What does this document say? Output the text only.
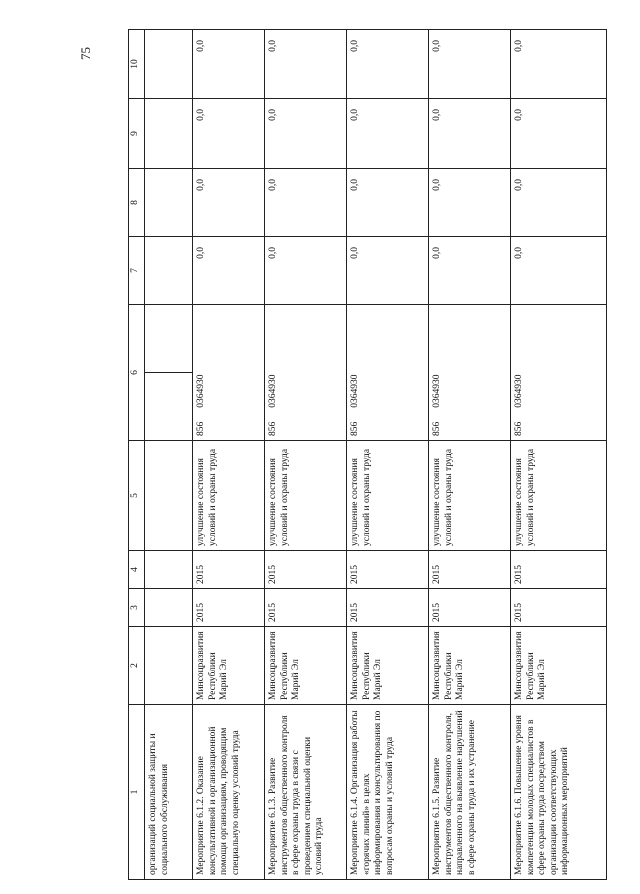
75
1	2	3	4	5	6		7	8	9	10
организаций социальной защиты и социального обслуживания										
Мероприятие 6.1.2. Оказание консультативной и организационной помощи организациям, проводящим специальную оценку условий труда	Минсоцразвития Республики Марий Эл	2015	2015	улучшение состояния условий и охраны труда	8560364930		0,0	0,0	0,0	0,0
Мероприятие 6.1.3. Развитие инструментов общественного контроля в сфере охраны труда в связи с проведением специальной оценки условий труда	Минсоцразвития Республики Марий Эл	2015	2015	улучшение состояния условий и охраны труда	8560364930		0,0	0,0	0,0	0,0
Мероприятие 6.1.4. Организация работы «горячих линий» в целях информирования и консультирования по вопросам охраны и условий труда	Минсоцразвития Республики Марий Эл	2015	2015	улучшение состояния условий и охраны труда	8560364930		0,0	0,0	0,0	0,0
Мероприятие 6.1.5. Развитие инструментов общественного контроля, направленного на выявление нарушений в сфере охраны труда и их устранение	Минсоцразвития Республики Марий Эл	2015	2015	улучшение состояния условий и охраны труда	8560364930		0,0	0,0	0,0	0,0
Мероприятие 6.1.6. Повышение уровня компетенции молодых специалистов в сфере охраны труда посредством организации соответствующих информационных мероприятий	Минсоцразвития Республики Марий Эл	2015	2015	улучшение состояния условий и охраны труда	8560364930		0,0	0,0	0,0	0,0
